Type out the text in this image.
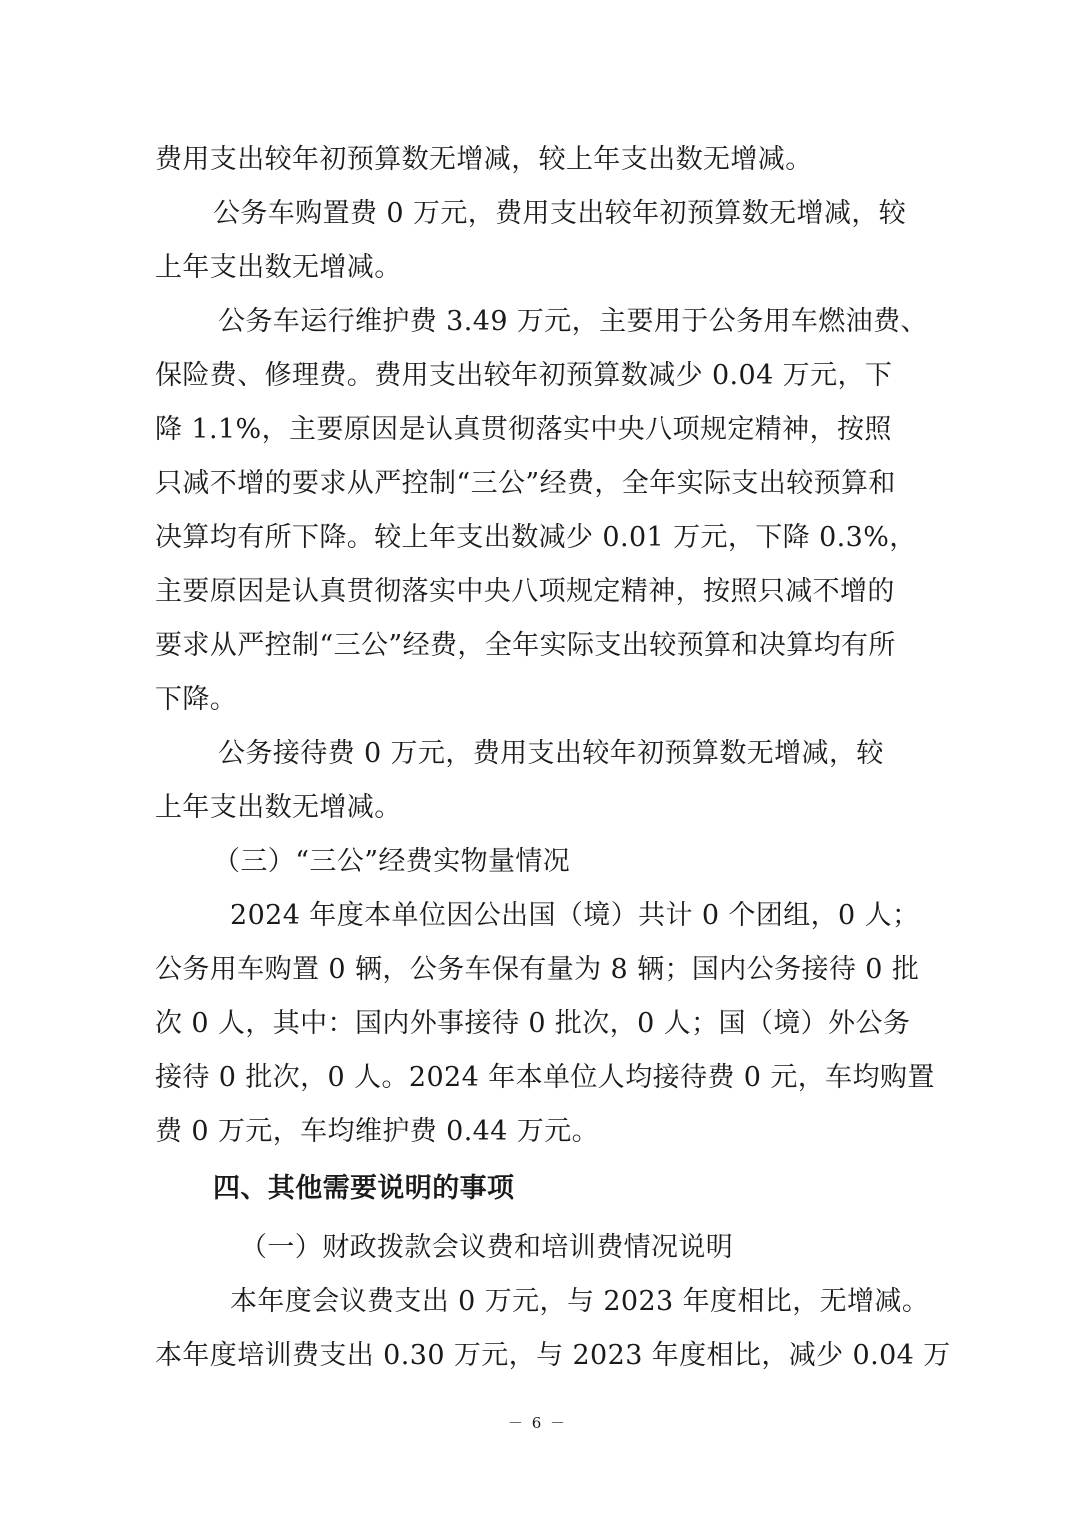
费用支出较年初预算数无增减，较上年支出数无增减。
公务车购置费 0 万元，费用支出较年初预算数无增减，较
上年支出数无增减。
公务车运行维护费 3.49 万元，主要用于公务用车燃油费、
保险费、修理费。费用支出较年初预算数减少 0.04 万元，下
降 1.1%，主要原因是认真贯彻落实中央八项规定精神，按照
只减不增的要求从严控制“三公”经费，全年实际支出较预算和
决算均有所下降。较上年支出数减少 0.01 万元，下降 0.3%，
主要原因是认真贯彻落实中央八项规定精神，按照只减不增的
要求从严控制“三公”经费，全年实际支出较预算和决算均有所
下降。
公务接待费 0 万元，费用支出较年初预算数无增减，较
上年支出数无增减。
（三）“三公”经费实物量情况
2024 年度本单位因公出国（境）共计 0 个团组，0 人；
公务用车购置 0 辆，公务车保有量为 8 辆；国内公务接待 0 批
次 0 人，其中：国内外事接待 0 批次，0 人；国（境）外公务
接待 0 批次，0 人。2024 年本单位人均接待费 0 元，车均购置
费 0 万元，车均维护费 0.44 万元。
四、其他需要说明的事项
（一）财政拨款会议费和培训费情况说明
本年度会议费支出 0 万元，与 2023 年度相比，无增减。
本年度培训费支出 0.30 万元，与 2023 年度相比，减少 0.04 万
－ 6 －
